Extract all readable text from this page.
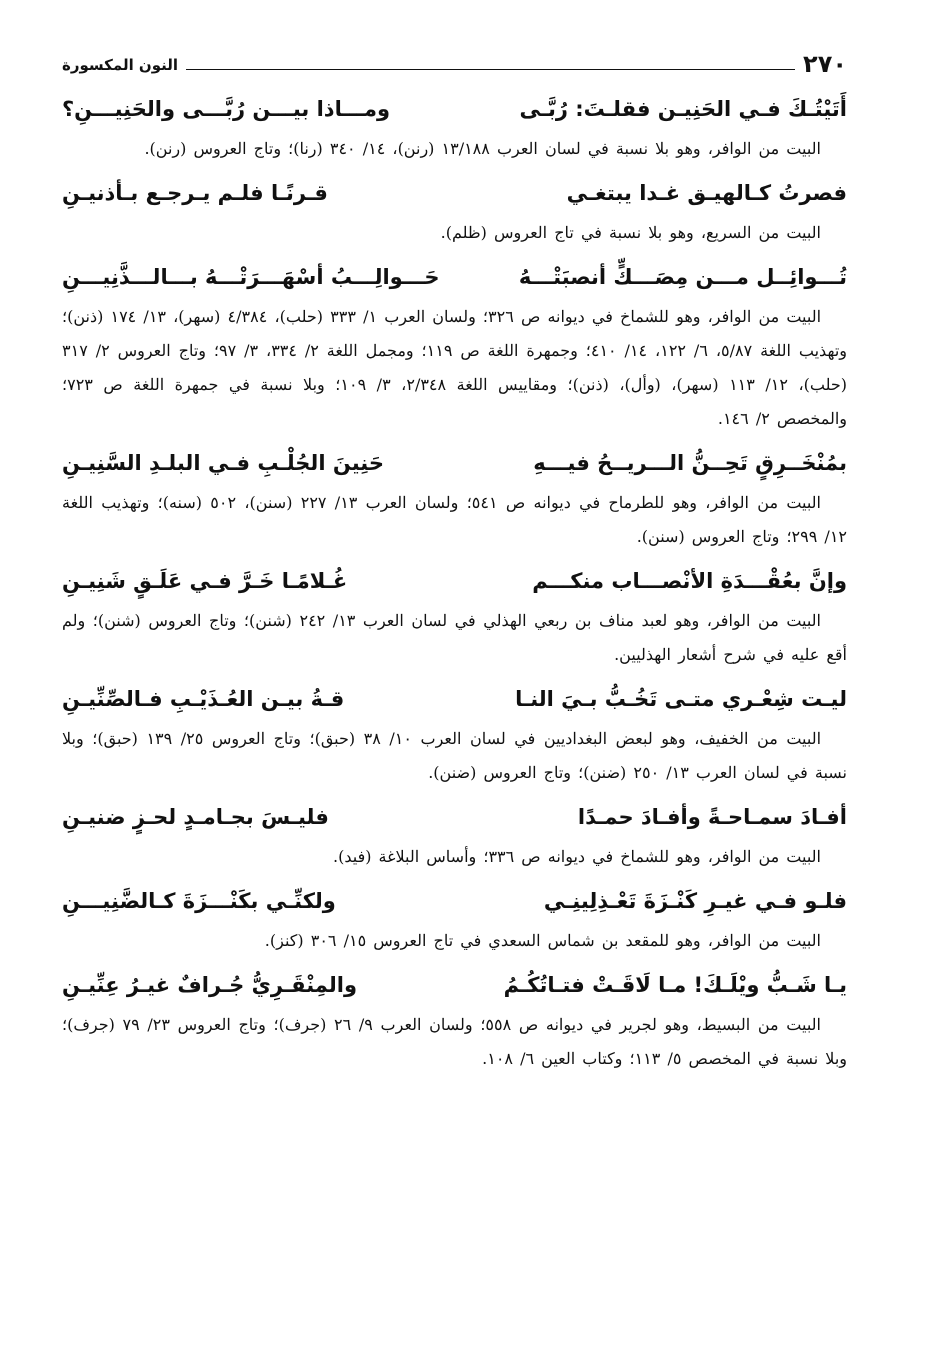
النون المكسورة	٢٧٠
أَتَيْتُـكَ فـي الحَنِيـن فقلـتَ: رُبَّـى
ومـــاذا بيـــن رُبَّـــى والحَنِيـــنِ؟

البيت من الوافر، وهو بلا نسبة في لسان العرب ١٣/١٨٨ (رنن)، ١٤/ ٣٤٠ (رنا)؛ وتاج العروس (رنن).

فصرتُ كـالهيـق غـدا يبتغـي
قـرنًـا فلـم يـرجـع بـأذنيـنِ

البيت من السريع، وهو بلا نسبة في تاج العروس (ظلم).

تُـــوائِــل مـــن مِصَـــكٍّ أنصبَتْـــهُ
حَـــوالِـــبُ أسْهَـــرَتْـــهُ بـــالـــذَّنِيـــنِ

البيت من الوافر، وهو للشماخ في ديوانه ص ٣٢٦؛ ولسان العرب ١/ ٣٣٣ (حلب)، ٤/٣٨٤ (سهر)، ١٣/ ١٧٤ (ذنن)؛ وتهذيب اللغة ٥/٨٧، ٦/ ١٢٢، ١٤/ ٤١٠؛ وجمهرة اللغة ص ١١٩؛ ومجمل اللغة ٢/ ٣٣٤، ٣/ ٩٧؛ وتاج العروس ٢/ ٣١٧ (حلب)، ١٢/ ١١٣ (سهر)، (وأل)، (ذنن)؛ ومقاييس اللغة ٢/٣٤٨، ٣/ ١٠٩؛ وبلا نسبة في جمهرة اللغة ص ٧٢٣؛ والمخصص ٢/ ١٤٦.

بمُنْخَــرِقٍ تَحِــنُّ الـــريــحُ فيـــهِ
حَنِينَ الجُلْـبِ فـي البلـدِ السَّنِيـنِ

البيت من الوافر، وهو للطرماح في ديوانه ص ٥٤١؛ ولسان العرب ١٣/ ٢٢٧ (سنن)، ٥٠٢ (سنه)؛ وتهذيب اللغة ١٢/ ٢٩٩؛ وتاج العروس (سنن).

وإنَّ بعُقْـــدَةِ الأنْصـــاب منكـــم
غُـلامًـا خَـرَّ فـي عَلَـقٍ شَنِيـنِ

البيت من الوافر، وهو لعبد مناف بن ربعي الهذلي في لسان العرب ١٣/ ٢٤٢ (شنن)؛ وتاج العروس (شنن)؛ ولم أقع عليه في شرح أشعار الهذليين.

ليـت شِعْـري متـى تَخُـبُّ بـيَ النـا
قـةُ بيـن العُـذَيْـبِ فـالصِّنِّيـنِ

البيت من الخفيف، وهو لبعض البغداديين في لسان العرب ١٠/ ٣٨ (حبق)؛ وتاج العروس ٢٥/ ١٣٩ (حبق)؛ وبلا نسبة في لسان العرب ١٣/ ٢٥٠ (ضنن)؛ وتاج العروس (ضنن).

أفـادَ سمـاحـةً وأفـادَ حمـدًا
فليـسَ بجـامـدٍ لحـزٍ ضنيـنِ

البيت من الوافر، وهو للشماخ في ديوانه ص ٣٣٦؛ وأساس البلاغة (فيد).

فلـو فـي غيـرِ كَنْـزَةَ تَعْـذِلِينِـي
ولكنِّـي بكَنْـــزَةَ كـالضَّنِيـــنِ

البيت من الوافر، وهو للمقعد بن شماس السعدي في تاج العروس ١٥/ ٣٠٦ (كنز).

يـا شَـبُّ ويْلَـكَ! مـا لَاقَـتْ فتـاتُكُـمُ
والمِنْقَـرِيُّ جُـرافٌ غيـرُ عِنِّيـنِ

البيت من البسيط، وهو لجرير في ديوانه ص ٥٥٨؛ ولسان العرب ٩/ ٢٦ (جرف)؛ وتاج العروس ٢٣/ ٧٩ (جرف)؛ وبلا نسبة في المخصص ٥/ ١١٣؛ وكتاب العين ٦/ ١٠٨.
